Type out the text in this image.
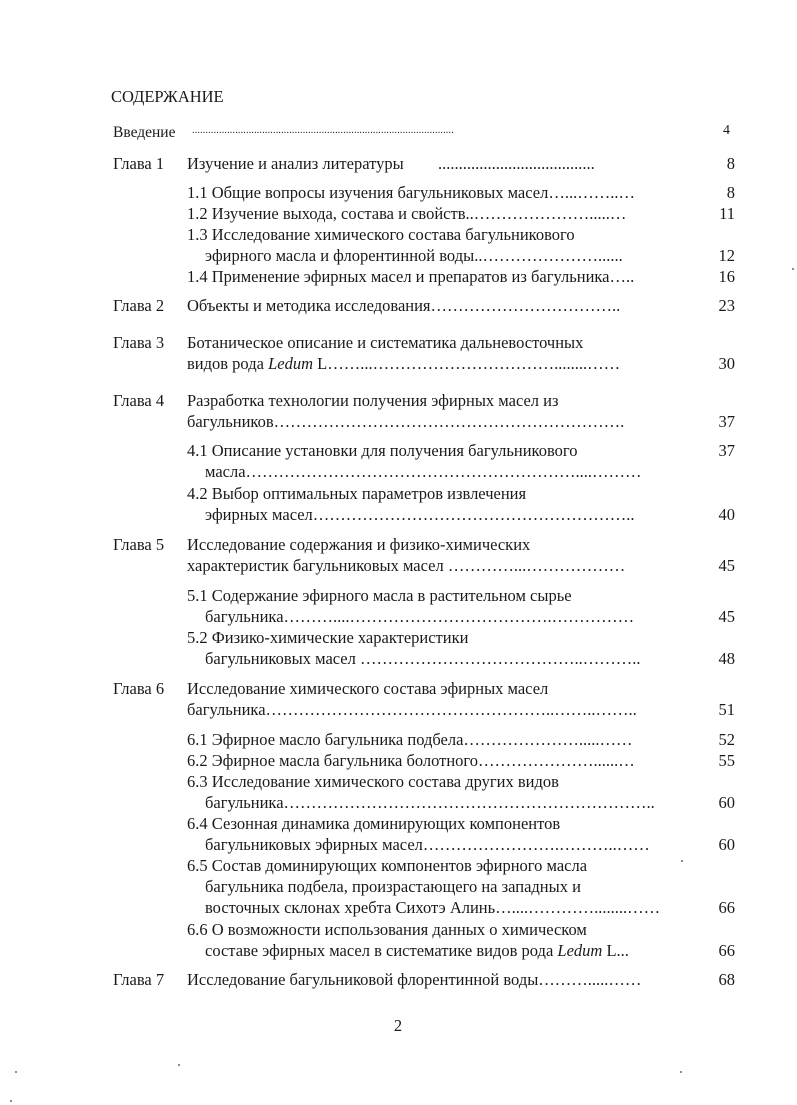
СОДЕРЖАНИЕ
Введение .................................................................................................	4
Глава 1 Изучение и анализ литературы ......................................	8
1.1 Общие вопросы изучения багульниковых масел…...……..…	8
1.2 Изучение выхода, состава и свойств..………………….....…	11
1.3 Исследование химического состава багульникового
эфирного масла и флорентинной воды..…………………......	12
1.4 Применение эфирных масел и препаратов из багульника…..	16
Глава 2 Объекты и методика исследования……………………………..	23
Глава 3 Ботаническое описание и систематика дальневосточных
видов рода Ledum L……...……………………………........……	30
Глава 4 Разработка технологии получения эфирных масел из
багульников……………………………………………………….	37
4.1 Описание установки для получения багульникового	37
масла……………………………………………………....………
4.2 Выбор оптимальных параметров извлечения
эфирных масел…………………………………………………..	40
Глава 5 Исследование содержания и физико-химических
характеристик багульниковых масел …………...………………	45
5.1 Содержание эфирного масла в растительном сырье
багульника………....……………………………….……………	45
5.2 Физико-химические характеристики
багульниковых масел …………………………………..………..	48
Глава 6 Исследование химического состава эфирных масел
багульника……………………………………………..……..……..	51
6.1 Эфирное масло багульника подбела………………….....……	52
6.2 Эфирное масла багульника болотного…………………......…	55
6.3 Исследование химического состава других видов
багульника…………………………………………………………..	60
6.4 Сезонная динамика доминирующих компонентов
багульниковых эфирных масел…………………….………..……	60
6.5 Состав доминирующих компонентов эфирного масла
багульника подбела, произрастающего на западных и
восточных склонах хребта Сихотэ Алинь…....…………........……	66
6.6 О возможности использования данных о химическом
составе эфирных масел в систематике видов рода Ledum L...	66
Глава 7 Исследование багульниковой флорентинной воды……….....……	68
2
